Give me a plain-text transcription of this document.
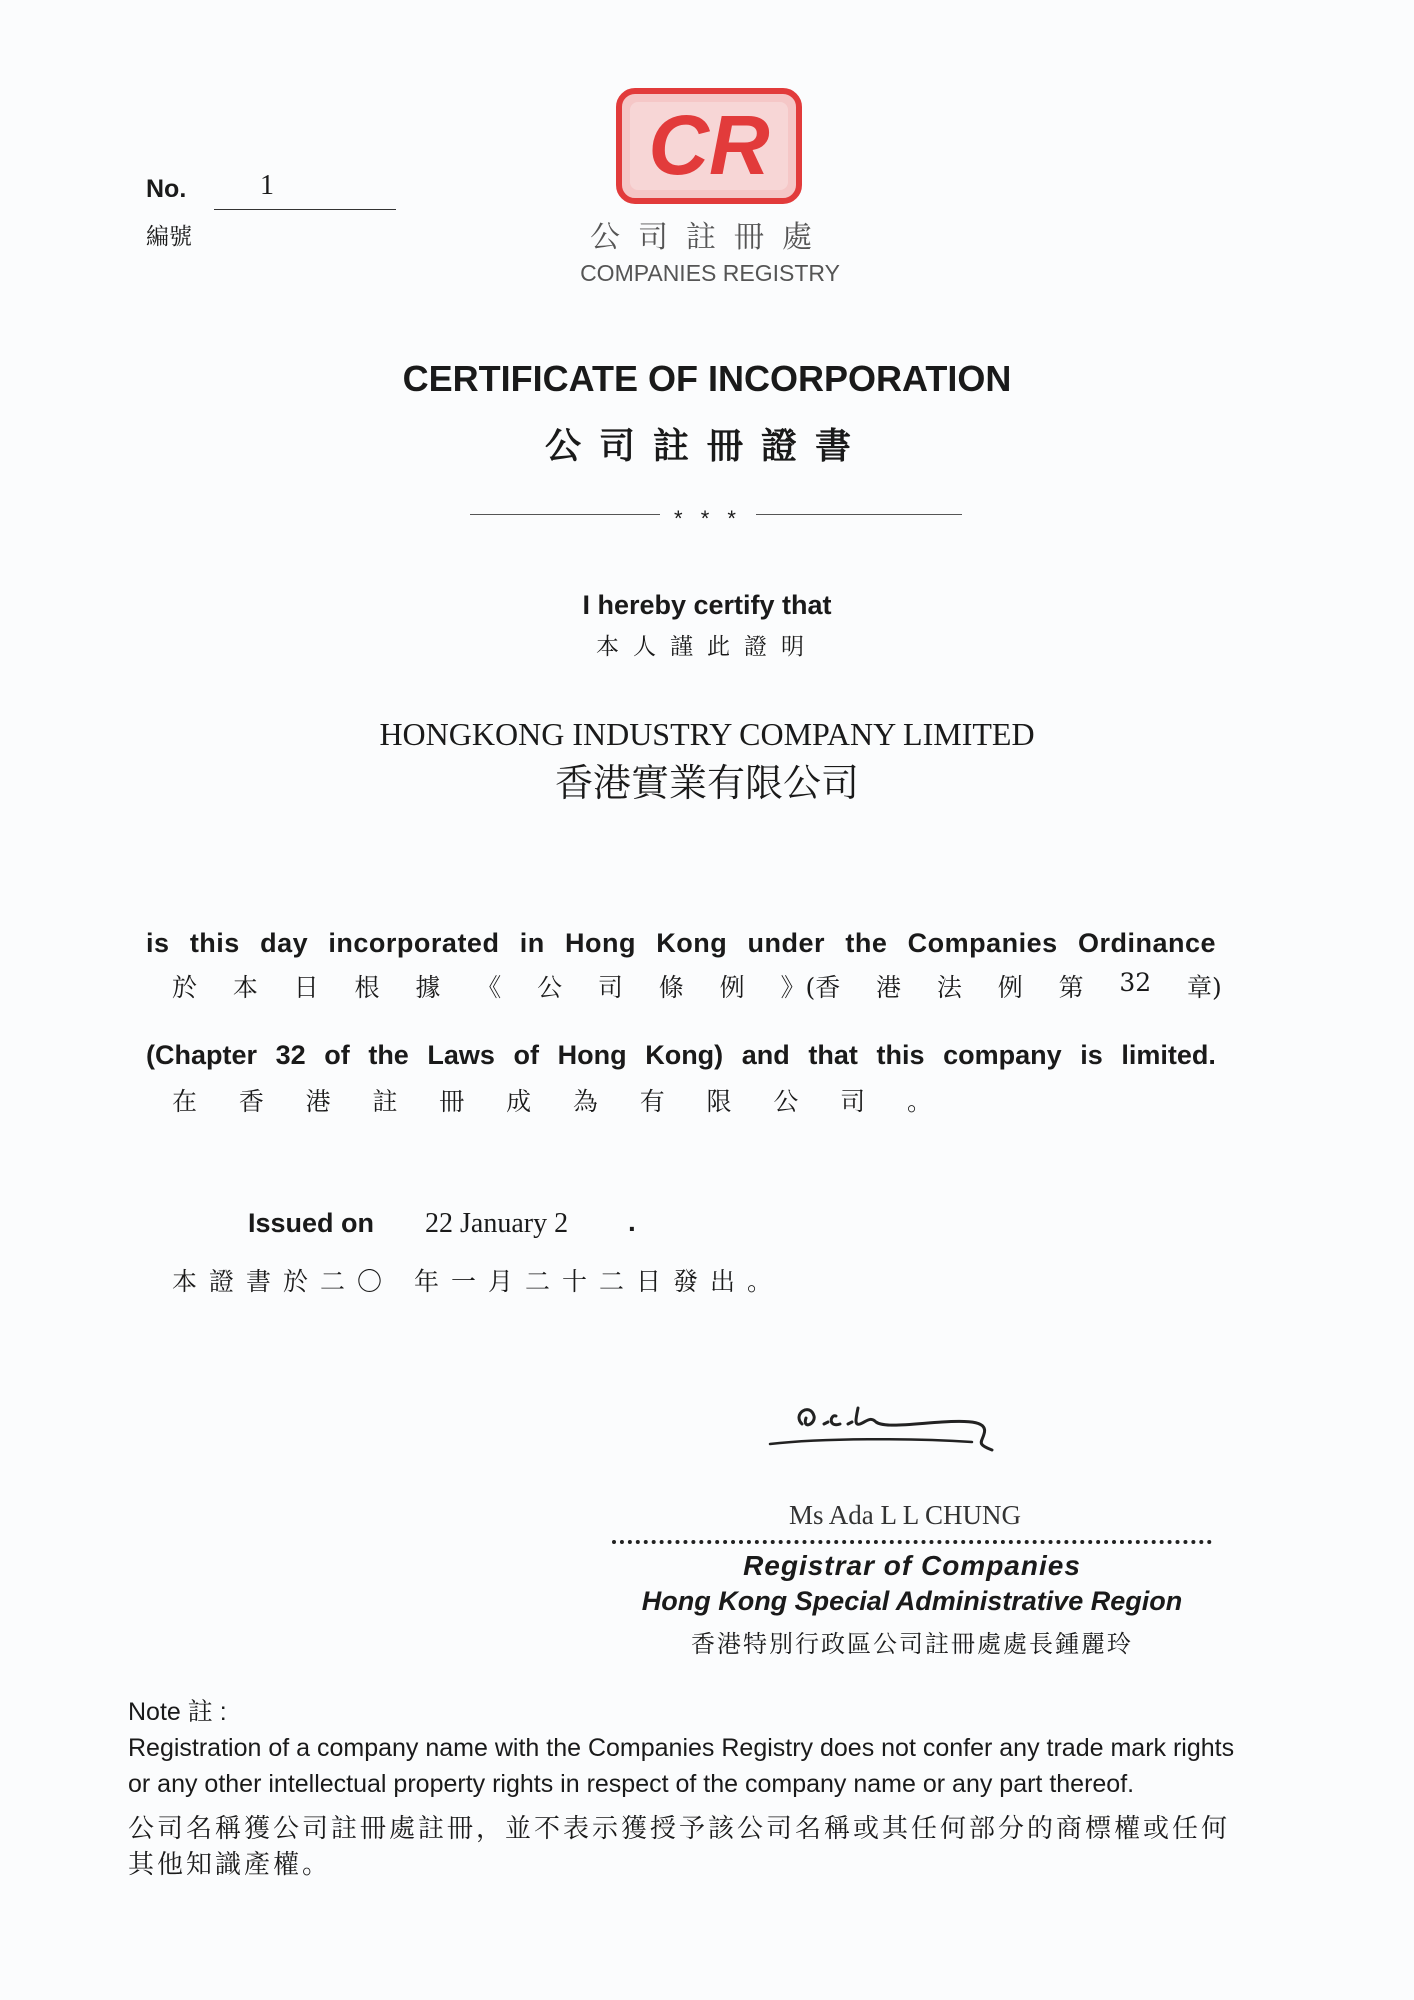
No.	1
編號
CR
公司註冊處
COMPANIES REGISTRY
CERTIFICATE OF INCORPORATION
公司註冊證書
* * *
I hereby certify that
本人謹此證明
HONGKONG INDUSTRY COMPANY LIMITED
香港實業有限公司
is this day incorporated in Hong Kong under the Companies Ordinance
於 本 日 根 據 《 公 司 條 例 》(香 港 法 例 第 32 章)
(Chapter 32 of the Laws of Hong Kong) and that this company is limited.
在 香 港 註 冊 成 為 有 限 公 司 。
Issued on 22 January 2 .
本證書於二〇 年一月二十二日發出。
Ms Ada L L CHUNG
Registrar of Companies
Hong Kong Special Administrative Region
香港特別行政區公司註冊處處長鍾麗玲
Note 註 :
Registration of a company name with the Companies Registry does not confer any trade mark rights
or any other intellectual property rights in respect of the company name or any part thereof.
公司名稱獲公司註冊處註冊，並不表示獲授予該公司名稱或其任何部分的商標權或任何
其他知識產權。
